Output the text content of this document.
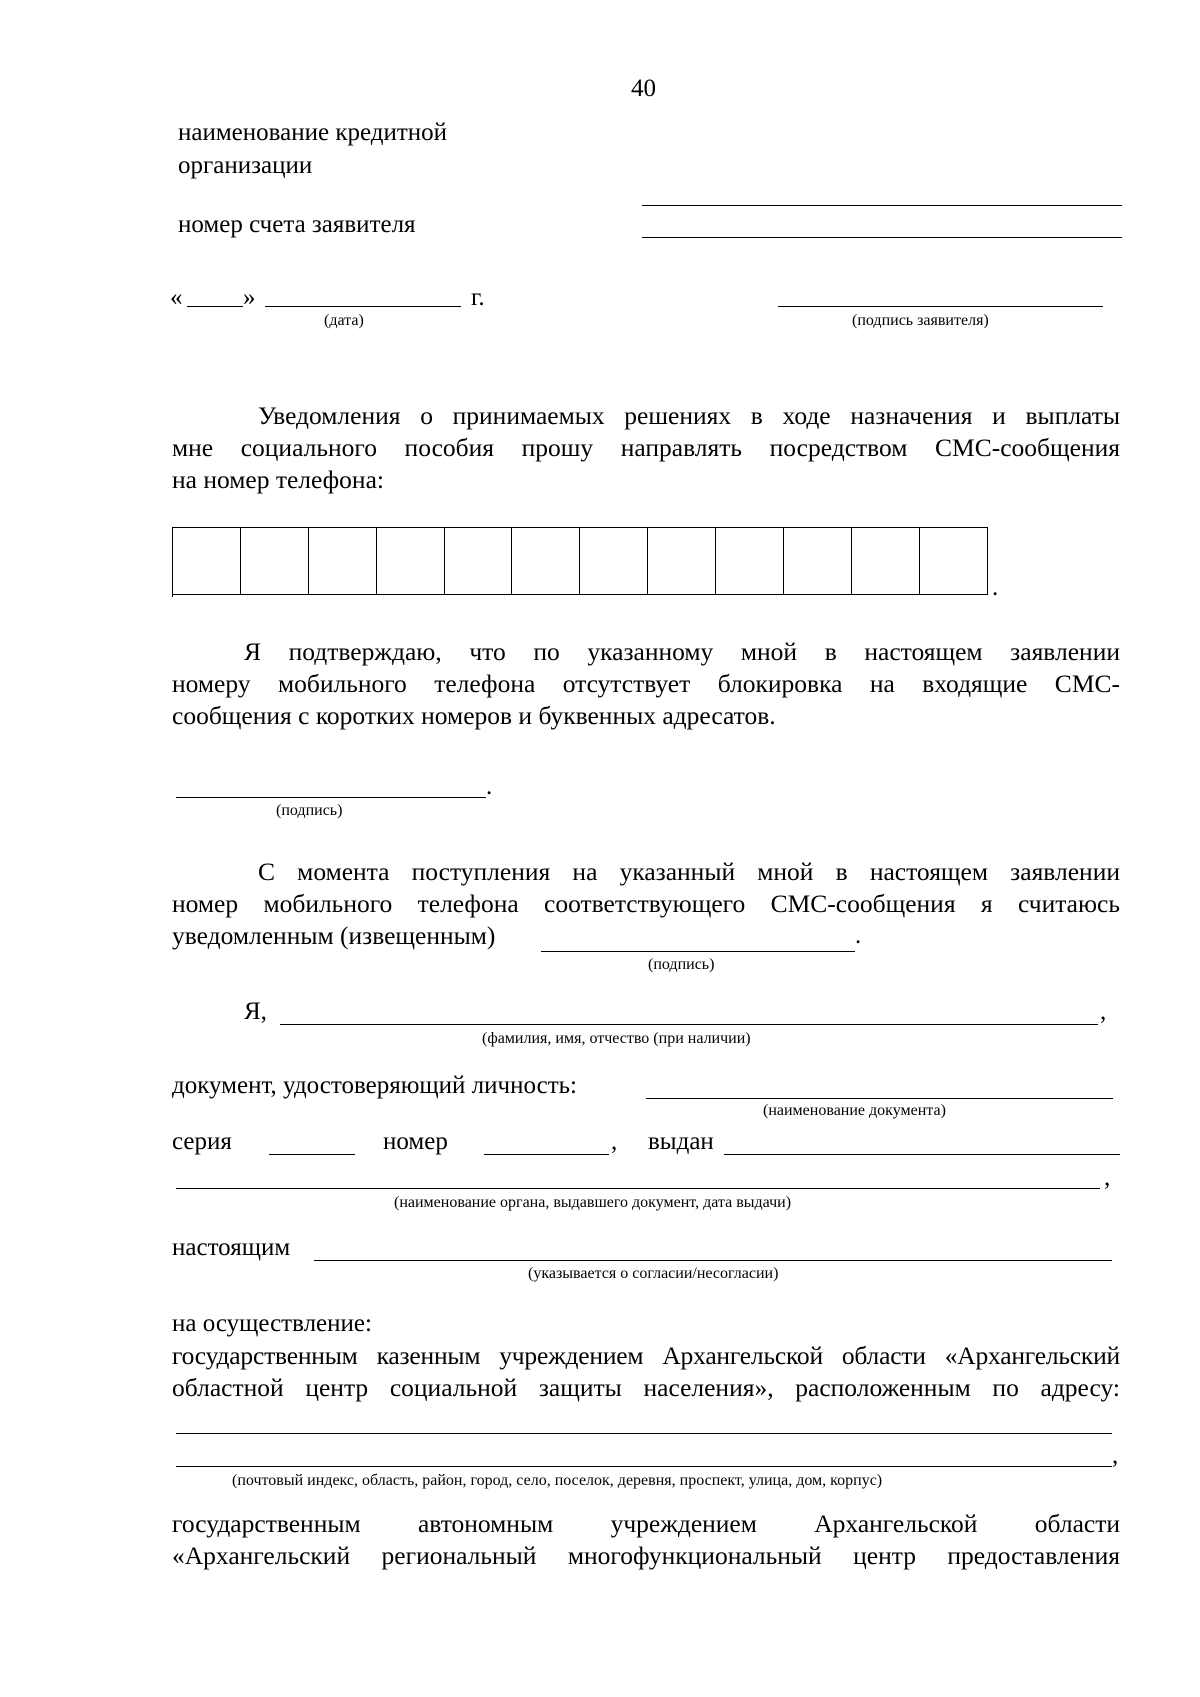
40
наименование кредитной
организации
номер счета заявителя
« »	г.
(дата)	(подпись заявителя)
Уведомления о принимаемых решениях в ходе назначения и выплаты
мне социального пособия прошу направлять посредством СМС-сообщения
на номер телефона:
.
Я подтверждаю, что по указанному мной в настоящем заявлении
номеру мобильного телефона отсутствует блокировка на входящие СМС-
сообщения с коротких номеров и буквенных адресатов.
.
(подпись)
С момента поступления на указанный мной в настоящем заявлении
номер мобильного телефона соответствующего СМС-сообщения я считаюсь
уведомленным (извещенным)	.
(подпись)
Я,	,
(фамилия, имя, отчество (при наличии)
документ, удостоверяющий личность:
(наименование документа)
серия	номер	, выдан
,
(наименование органа, выдавшего документ, дата выдачи)
настоящим
(указывается о согласии/несогласии)
на осуществление:
государственным казенным учреждением Архангельской области «Архангельский
областной центр социальной защиты населения», расположенным по адресу:
,
(почтовый индекс, область, район, город, село, поселок, деревня, проспект, улица, дом, корпус)
государственным автономным учреждением Архангельской области
«Архангельский региональный многофункциональный центр предоставления
